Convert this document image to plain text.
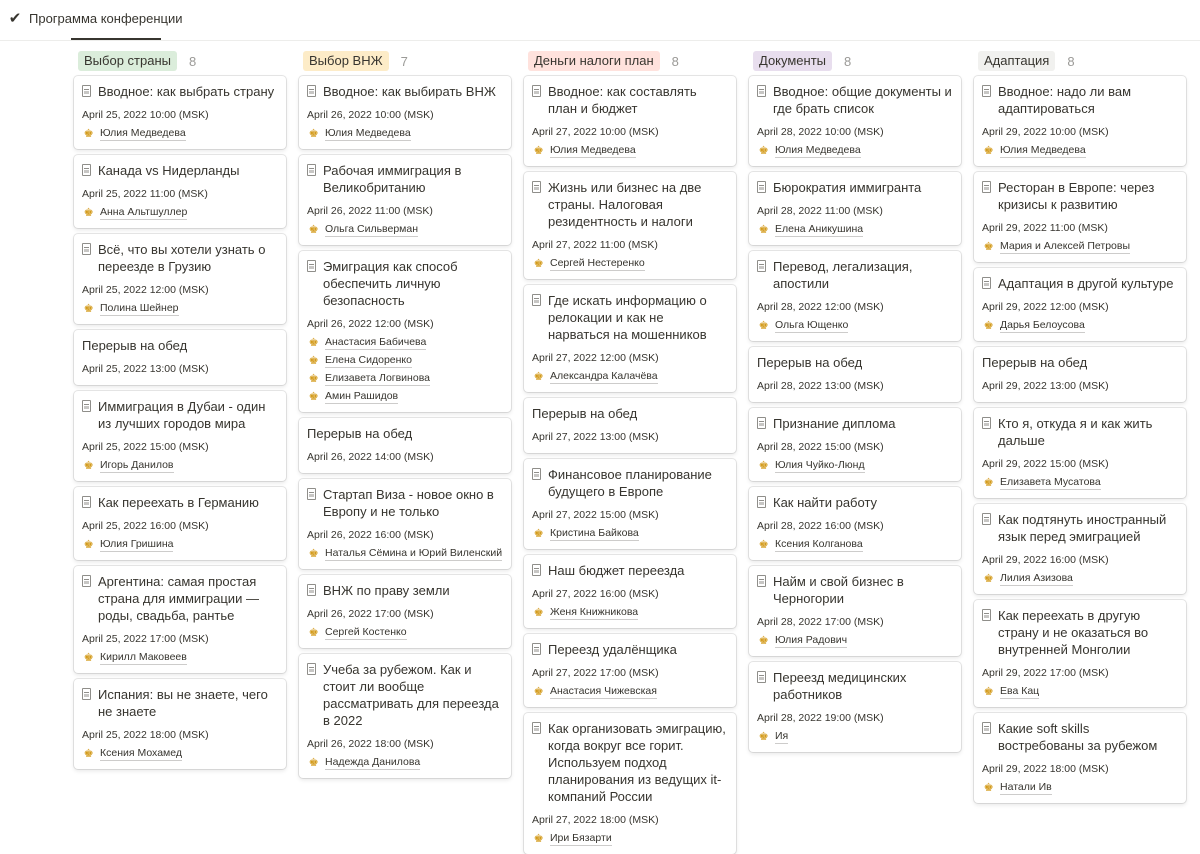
✔ Программа конференции
Выбор страны	8
Вводное: как выбрать страну
April 25, 2022 10:00 (MSK)
♚ Юлия Медведева
Канада vs Нидерланды
April 25, 2022 11:00 (MSK)
♚ Анна Альтшуллер
Всё, что вы хотели узнать о переезде в Грузию
April 25, 2022 12:00 (MSK)
♚ Полина Шейнер
Перерыв на обед
April 25, 2022 13:00 (MSK)
Иммиграция в Дубаи - один из лучших городов мира
April 25, 2022 15:00 (MSK)
♚ Игорь Данилов
Как переехать в Германию
April 25, 2022 16:00 (MSK)
♚ Юлия Гришина
Аргентина: самая простая страна для иммиграции — роды, свадьба, рантье
April 25, 2022 17:00 (MSK)
♚ Кирилл Маковеев
Испания: вы не знаете, чего не знаете
April 25, 2022 18:00 (MSK)
♚ Ксения Мохамед
Выбор ВНЖ	7
Вводное: как выбирать ВНЖ
April 26, 2022 10:00 (MSK)
♚ Юлия Медведева
Рабочая иммиграция в Великобританию
April 26, 2022 11:00 (MSK)
♚ Ольга Сильверман
Эмиграция как способ обеспечить личную безопасность
April 26, 2022 12:00 (MSK)
♚ Анастасия Бабичева
♚ Елена Сидоренко
♚ Елизавета Логвинова
♚ Амин Рашидов
Перерыв на обед
April 26, 2022 14:00 (MSK)
Стартап Виза - новое окно в Европу и не только
April 26, 2022 16:00 (MSK)
♚ Наталья Сёмина и Юрий Виленский
ВНЖ по праву земли
April 26, 2022 17:00 (MSK)
♚ Сергей Костенко
Учеба за рубежом. Как и стоит ли вообще рассматривать для переезда в 2022
April 26, 2022 18:00 (MSK)
♚ Надежда Данилова
Деньги налоги план	8
Вводное: как составлять план и бюджет
April 27, 2022 10:00 (MSK)
♚ Юлия Медведева
Жизнь или бизнес на две страны. Налоговая резидентность и налоги
April 27, 2022 11:00 (MSK)
♚ Сергей Нестеренко
Где искать информацию о релокации и как не нарваться на мошенников
April 27, 2022 12:00 (MSK)
♚ Александра Калачёва
Перерыв на обед
April 27, 2022 13:00 (MSK)
Финансовое планирование будущего в Европе
April 27, 2022 15:00 (MSK)
♚ Кристина Байкова
Наш бюджет переезда
April 27, 2022 16:00 (MSK)
♚ Женя Книжникова
Переезд удалёнщика
April 27, 2022 17:00 (MSK)
♚ Анастасия Чижевская
Как организовать эмиграцию, когда вокруг все горит. Используем подход планирования из ведущих it-компаний России
April 27, 2022 18:00 (MSK)
♚ Ири Бязарти
Документы	8
Вводное: общие документы и где брать список
April 28, 2022 10:00 (MSK)
♚ Юлия Медведева
Бюрократия иммигранта
April 28, 2022 11:00 (MSK)
♚ Елена Аникушина
Перевод, легализация, апостили
April 28, 2022 12:00 (MSK)
♚ Ольга Ющенко
Перерыв на обед
April 28, 2022 13:00 (MSK)
Признание диплома
April 28, 2022 15:00 (MSK)
♚ Юлия Чуйко-Люнд
Как найти работу
April 28, 2022 16:00 (MSK)
♚ Ксения Колганова
Найм и свой бизнес в Черногории
April 28, 2022 17:00 (MSK)
♚ Юлия Радович
Переезд медицинских работников
April 28, 2022 19:00 (MSK)
♚ Ия
Адаптация	8
Вводное: надо ли вам адаптироваться
April 29, 2022 10:00 (MSK)
♚ Юлия Медведева
Ресторан в Европе: через кризисы к развитию
April 29, 2022 11:00 (MSK)
♚ Мария и Алексей Петровы
Адаптация в другой культуре
April 29, 2022 12:00 (MSK)
♚ Дарья Белоусова
Перерыв на обед
April 29, 2022 13:00 (MSK)
Кто я, откуда я и как жить дальше
April 29, 2022 15:00 (MSK)
♚ Елизавета Мусатова
Как подтянуть иностранный язык перед эмиграцией
April 29, 2022 16:00 (MSK)
♚ Лилия Азизова
Как переехать в другую страну и не оказаться во внутренней Монголии
April 29, 2022 17:00 (MSK)
♚ Ева Кац
Какие soft skills востребованы за рубежом
April 29, 2022 18:00 (MSK)
♚ Натали Ив
